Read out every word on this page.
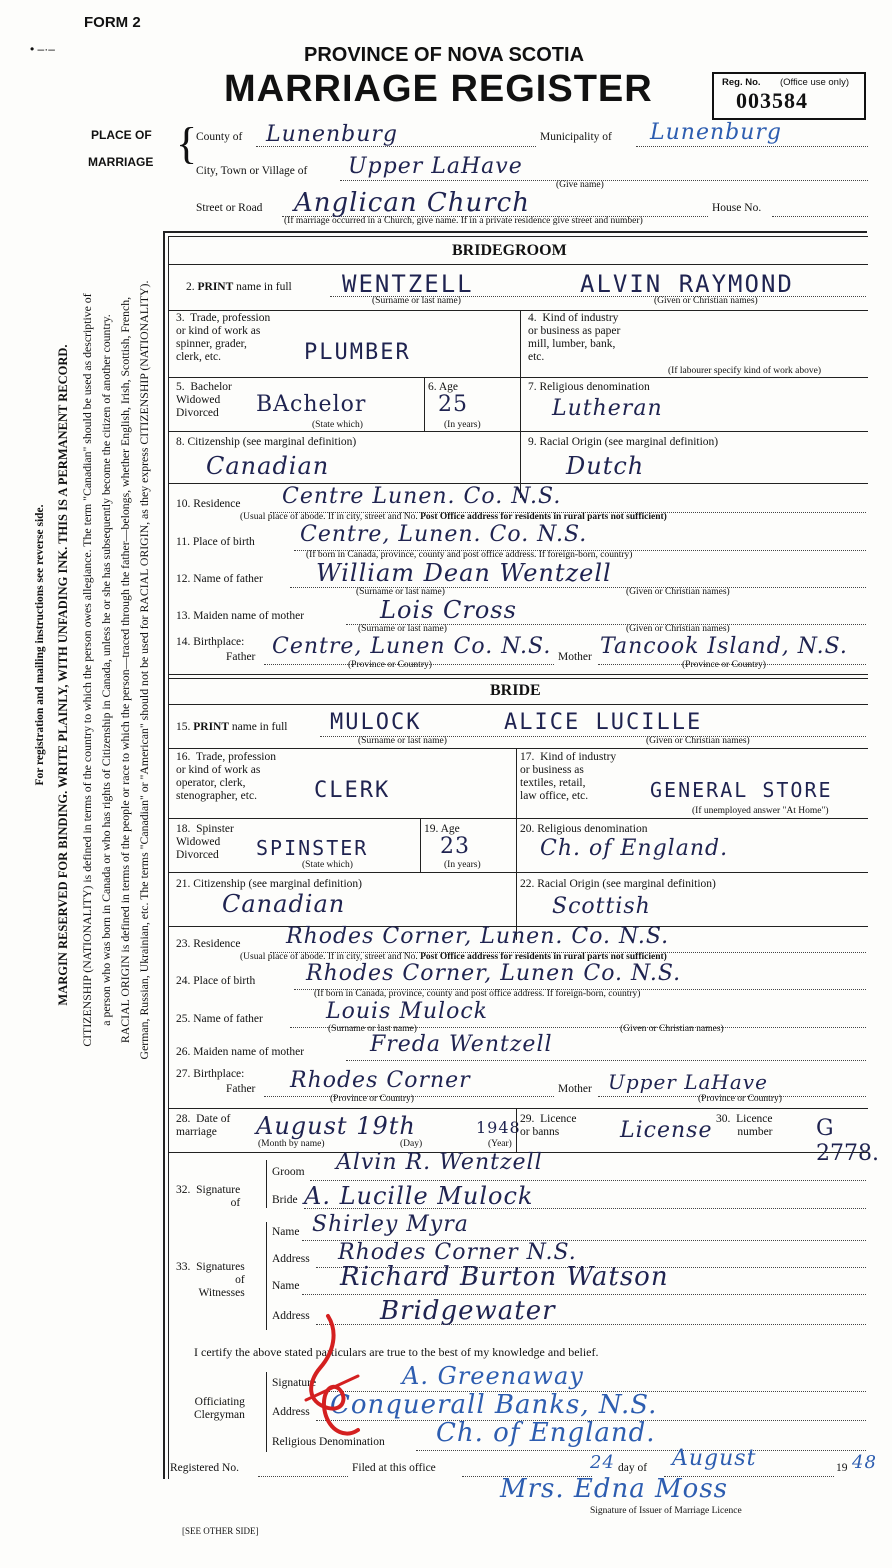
For registration and mailing instructions see reverse side. MARGIN RESERVED FOR BINDING. WRITE PLAINLY, WITH UNFADING INK. THIS IS A PERMANENT RECORD. CITIZENSHIP (NATIONALITY) is defined in terms of the country to which the person owes allegiance. The term "Canadian" should be used as descriptive of a person who was born in Canada or who has rights of Citizenship in Canada, unless he or she has subsequently become the citizen of another country. RACIAL ORIGIN is defined in terms of the people or race to which the person—traced through the father—belongs, whether English, Irish, Scottish, French, German, Russian, Ukrainian, etc. The terms "Canadian" or "American" should not be used for RACIAL ORIGIN, as they express CITIZENSHIP (NATIONALITY).
FORM 2
• –·–	PROVINCE OF NOVA SCOTIA
MARRIAGE REGISTER	Reg. No. (Office use only)
003584
PLACE OF
MARRIAGE {
County of Lunenburg	Municipality of Lunenburg
City, Town or Village of Upper LaHave
(Give name)
Street or Road Anglican Church	House No.
(If marriage occurred in a Church, give name. If in a private residence give street and number)
BRIDEGROOM
2. PRINT name in full WENTZELL	ALVIN RAYMOND
(Surname or last name)	(Given or Christian names)
3.  Trade, profession
or kind of work as
spinner, grader,
clerk, etc.	PLUMBER
4.  Kind of industry
or business as paper
mill, lumber, bank,
etc.
(If labourer specify kind of work above)
5.  Bachelor
Widowed
Divorced	BAchelor
(State which)
6. Age
25
(In years)
7. Religious denomination
Lutheran
8. Citizenship (see marginal definition)
Canadian
9. Racial Origin (see marginal definition)
Dutch
10. Residence Centre Lunen. Co. N.S.
(Usual place of abode. If in city, street and No. Post Office address for residents in rural parts not sufficient)
11. Place of birth Centre, Lunen. Co. N.S.
(If born in Canada, province, county and post office address. If foreign-born, country)
12. Name of father William Dean Wentzell
(Surname or last name)	(Given or Christian names)
13. Maiden name of mother	Lois Cross
(Surname or last name)	(Given or Christian names)
14. Birthplace:
Father Centre, Lunen Co. N.S.
(Province or Country)
Mother Tancook Island, N.S.
(Province or Country)
BRIDE
15. PRINT name in full MULOCK	ALICE LUCILLE
(Surname or last name)	(Given or Christian names)
16.  Trade, profession
or kind of work as
operator, clerk,
stenographer, etc.	CLERK
17.  Kind of industry
or business as
textiles, retail,
law office, etc.	GENERAL STORE
(If unemployed answer "At Home")
18.  Spinster
Widowed
Divorced	SPINSTER
(State which)
19. Age
23
(In years)
20. Religious denomination
Ch. of England.
21. Citizenship (see marginal definition)
Canadian
22. Racial Origin (see marginal definition)
Scottish
23. Residence Rhodes Corner, Lunen. Co. N.S.
(Usual place of abode. If in city, street and No. Post Office address for residents in rural parts not sufficient)
24. Place of birth Rhodes Corner, Lunen Co. N.S.
(If born in Canada, province, county and post office address. If foreign-born, country)
25. Name of father	Louis Mulock
(Surname or last name)	(Given or Christian names)
26. Maiden name of mother	Freda Wentzell
27. Birthplace:
Father Rhodes Corner
(Province or Country)
Mother Upper LaHave
(Province or Country)
28.  Date of
marriage	August 19th	1948
(Month by name)	(Day)	(Year)
29.  Licence
or banns	License 30.  Licence
number G 2778.
32.  Signature
of
Groom Alvin R. Wentzell
Bride A. Lucille Mulock
33.  Signatures
of
Witnesses
Name Shirley Myra
Address Rhodes Corner N.S.
Name Richard Burton Watson
Address	Bridgewater
I certify the above stated particulars are true to the best of my knowledge and belief.
Officiating
Clergyman
Signature	A. Greenaway
Address Conquerall Banks, N.S.
Religious Denomination Ch. of England.
Registered No.	Filed at this office	24 day of August	19 48
Mrs. Edna Moss
Signature of Issuer of Marriage Licence
[SEE OTHER SIDE]
